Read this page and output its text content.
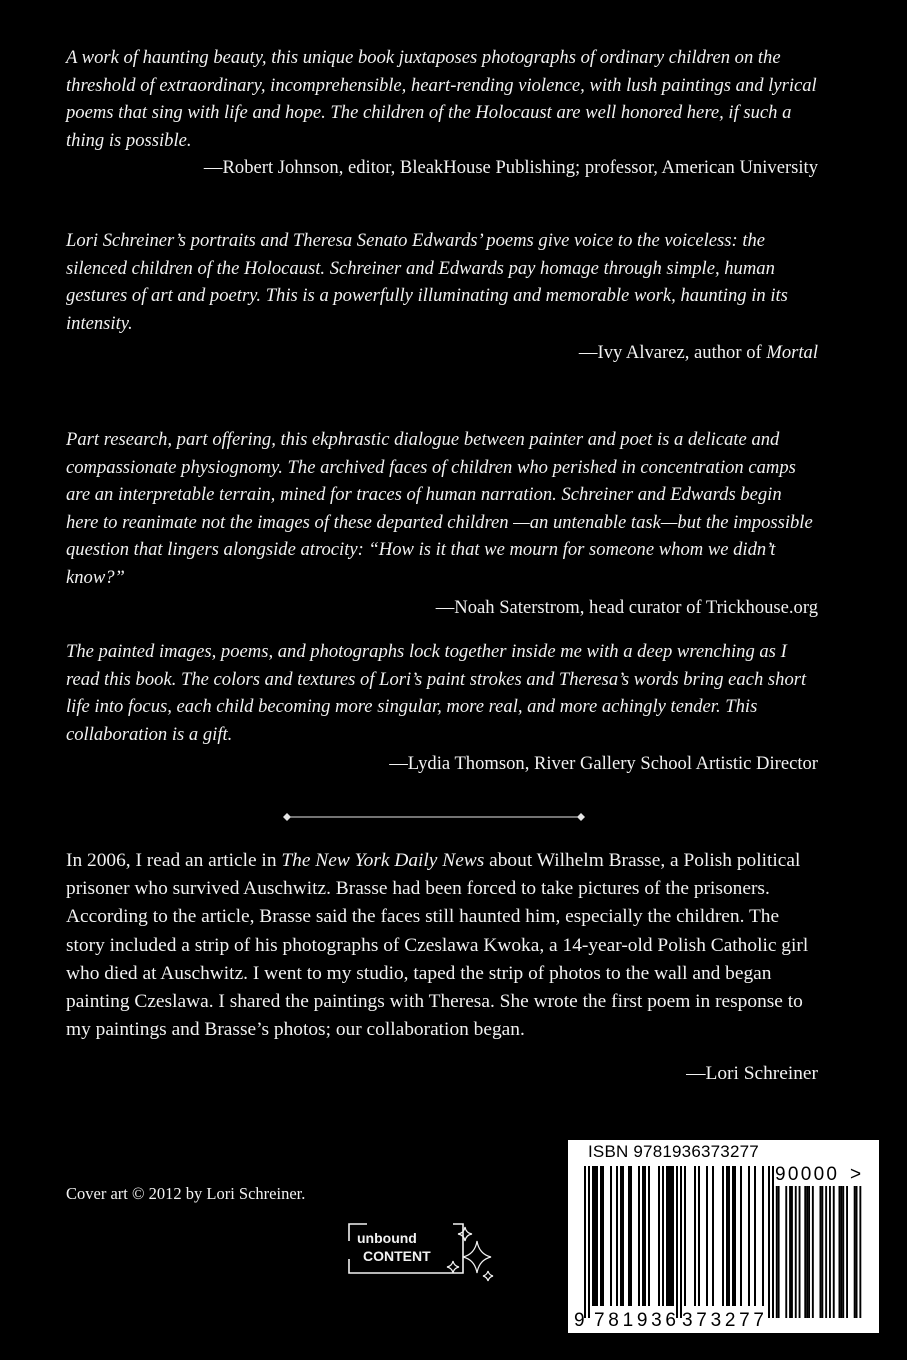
A work of haunting beauty, this unique book juxtaposes photographs of ordinary children on the threshold of extraordinary, incomprehensible, heart-rending violence, with lush paintings and lyrical poems that sing with life and hope. The children of the Holocaust are well honored here, if such a thing is possible.

—Robert Johnson, editor, BleakHouse Publishing; professor, American University

Lori Schreiner’s portraits and Theresa Senato Edwards’ poems give voice to the voiceless: the silenced children of the Holocaust. Schreiner and Edwards pay homage through simple, human gestures of art and poetry. This is a powerfully illuminating and memorable work, haunting in its intensity.

—Ivy Alvarez, author of Mortal

Part research, part offering, this ekphrastic dialogue between painter and poet is a delicate and compassionate physiognomy. The archived faces of children who perished in concentration camps are an interpretable terrain, mined for traces of human narration. Schreiner and Edwards begin here to reanimate not the images of these departed children —an untenable task—but the impossible question that lingers alongside atrocity: “How is it that we mourn for someone whom we didn’t know?”

—Noah Saterstrom, head curator of Trickhouse.org

The painted images, poems, and photographs lock together inside me with a deep wrenching as I read this book. The colors and textures of Lori’s paint strokes and Theresa’s words bring each short life into focus, each child becoming more singular, more real, and more achingly tender. This collaboration is a gift.

—Lydia Thomson, River Gallery School Artistic Director

In 2006, I read an article in The New York Daily News about Wilhelm Brasse, a Polish political prisoner who survived Auschwitz. Brasse had been forced to take pictures of the prisoners. According to the article, Brasse said the faces still haunted him, especially the children. The story included a strip of his photographs of Czeslawa Kwoka, a 14-year-old Polish Catholic girl who died at Auschwitz. I went to my studio, taped the strip of photos to the wall and began painting Czeslawa. I shared the paintings with Theresa. She wrote the first poem in response to my paintings and Brasse’s photos; our collaboration began.

—Lori Schreiner

Cover art © 2012 by Lori Schreiner.

unbound
CONTENT
ISBN 9781936373277
9 781936 373277
90000 >
